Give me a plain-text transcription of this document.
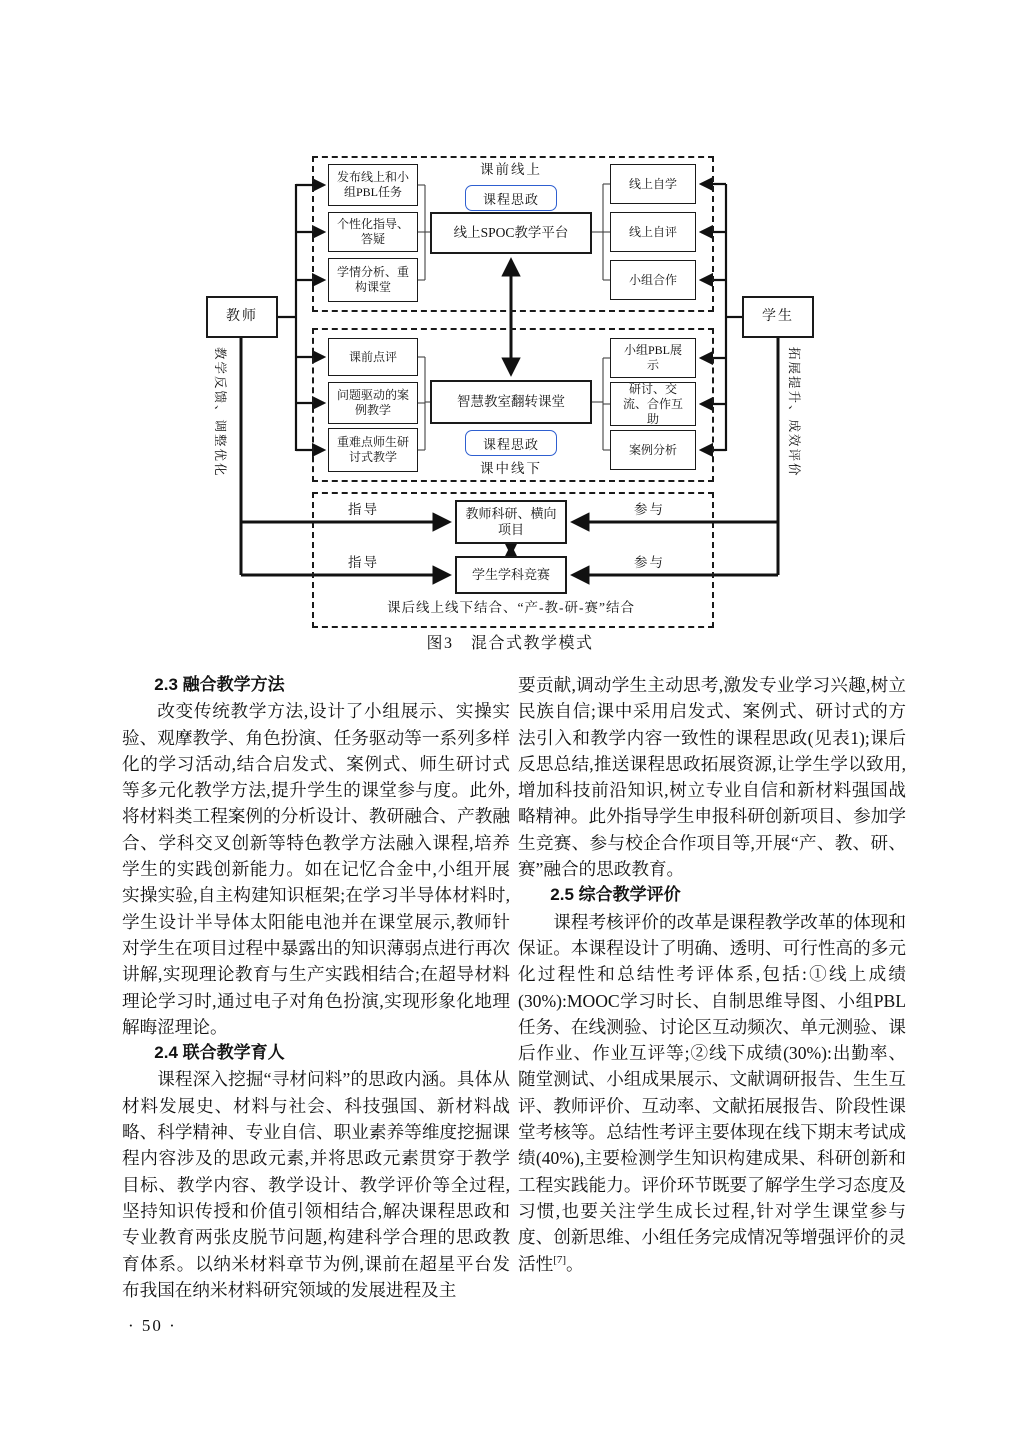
教师	学生
教学反馈、调整优化	拓展提升、成效评价
课前线上
课程思政
线上SPOC教学平台
发布线上和小组PBL任务
个性化指导、答疑
学情分析、重构课堂
线上自学
线上自评
小组合作
课前点评
问题驱动的案例教学
重难点师生研讨式教学
智慧教室翻转课堂
课程思政
课中线下
小组PBL展示
研讨、交流、合作互助
案例分析
教师科研、横向项目
学生学科竞赛
指导
指导
参与
参与
课后线上线下结合、“产-教-研-赛”结合
图3　混合式教学模式

2.3 融合教学方法

改变传统教学方法,设计了小组展示、实操实验、观摩教学、角色扮演、任务驱动等一系列多样化的学习活动,结合启发式、案例式、师生研讨式等多元化教学方法,提升学生的课堂参与度。此外,将材料类工程案例的分析设计、教研融合、产教融合、学科交叉创新等特色教学方法融入课程,培养学生的实践创新能力。如在记忆合金中,小组开展实操实验,自主构建知识框架;在学习半导体材料时,学生设计半导体太阳能电池并在课堂展示,教师针对学生在项目过程中暴露出的知识薄弱点进行再次讲解,实现理论教育与生产实践相结合;在超导材料理论学习时,通过电子对角色扮演,实现形象化地理解晦涩理论。

2.4 联合教学育人

课程深入挖掘“寻材问料”的思政内涵。具体从材料发展史、材料与社会、科技强国、新材料战略、科学精神、专业自信、职业素养等维度挖掘课程内容涉及的思政元素,并将思政元素贯穿于教学目标、教学内容、教学设计、教学评价等全过程,坚持知识传授和价值引领相结合,解决课程思政和专业教育两张皮脱节问题,构建科学合理的思政教育体系。以纳米材料章节为例,课前在超星平台发布我国在纳米材料研究领域的发展进程及主

要贡献,调动学生主动思考,激发专业学习兴趣,树立民族自信;课中采用启发式、案例式、研讨式的方法引入和教学内容一致性的课程思政(见表1);课后反思总结,推送课程思政拓展资源,让学生学以致用,增加科技前沿知识,树立专业自信和新材料强国战略精神。此外指导学生申报科研创新项目、参加学生竞赛、参与校企合作项目等,开展“产、教、研、赛”融合的思政教育。

2.5 综合教学评价

课程考核评价的改革是课程教学改革的体现和保证。本课程设计了明确、透明、可行性高的多元化过程性和总结性考评体系,包括:①线上成绩(30%):MOOC学习时长、自制思维导图、小组PBL任务、在线测验、讨论区互动频次、单元测验、课后作业、作业互评等;②线下成绩(30%):出勤率、随堂测试、小组成果展示、文献调研报告、生生互评、教师评价、互动率、文献拓展报告、阶段性课堂考核等。总结性考评主要体现在线下期末考试成绩(40%),主要检测学生知识构建成果、科研创新和工程实践能力。评价环节既要了解学生学习态度及习惯,也要关注学生成长过程,针对学生课堂参与度、创新思维、小组任务完成情况等增强评价的灵活性[7]。

· 50 ·
